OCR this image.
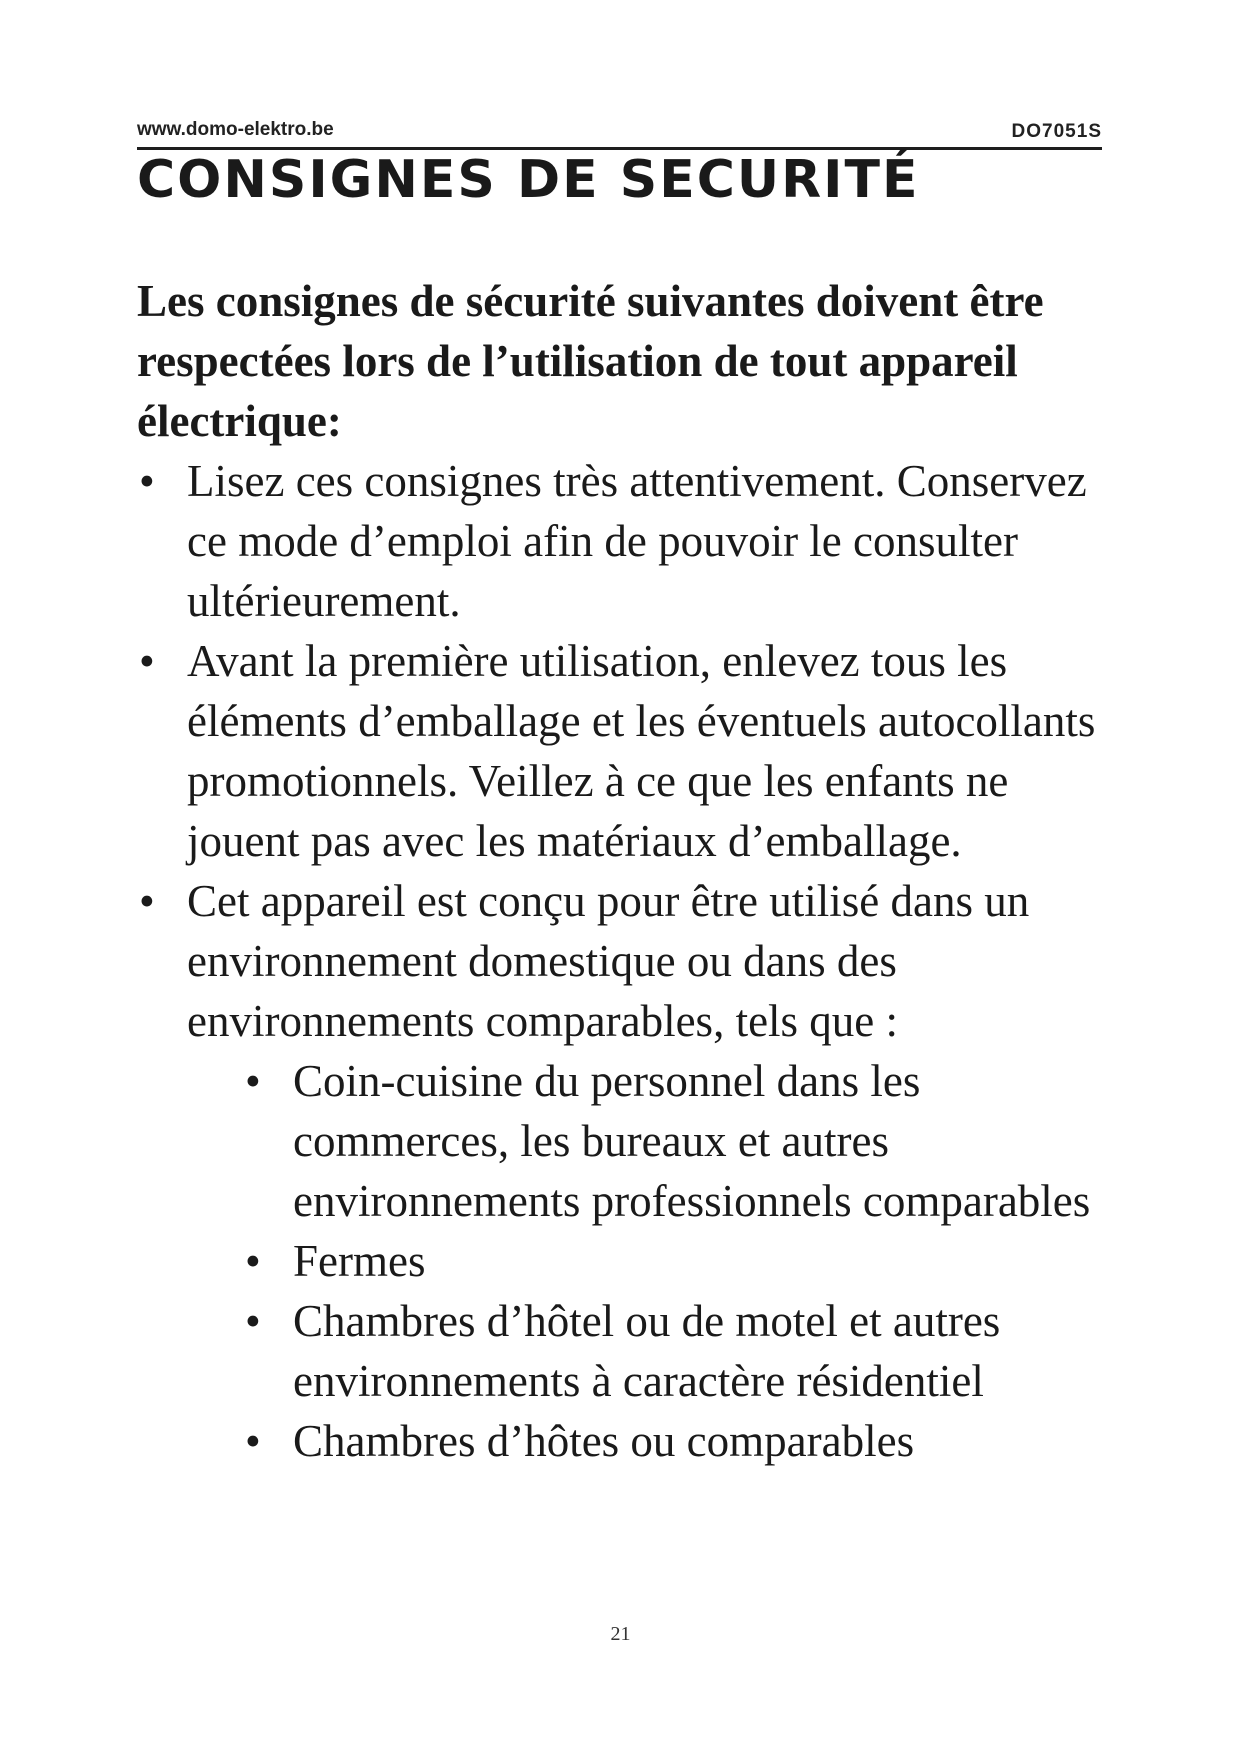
www.domo-elektro.be	DO7051S
CONSIGNES DE SECURITÉ

Les consignes de sécurité suivantes doivent être respectées lors de l’utilisation de tout appareil électrique:

• Lisez ces consignes très attentivement. Conservez ce mode d’emploi afin de pouvoir le consulter ultérieurement.
• Avant la première utilisation, enlevez tous les éléments d’emballage et les éventuels autocollants promotionnels. Veillez à ce que les enfants ne jouent pas avec les matériaux d’emballage.
• Cet appareil est conçu pour être utilisé dans un environnement domestique ou dans des environnements comparables, tels que :
• Coin-cuisine du personnel dans les commerces, les bureaux et autres environnements professionnels comparables
• Fermes
• Chambres d’hôtel ou de motel et autres environnements à caractère résidentiel
• Chambres d’hôtes ou comparables
21
